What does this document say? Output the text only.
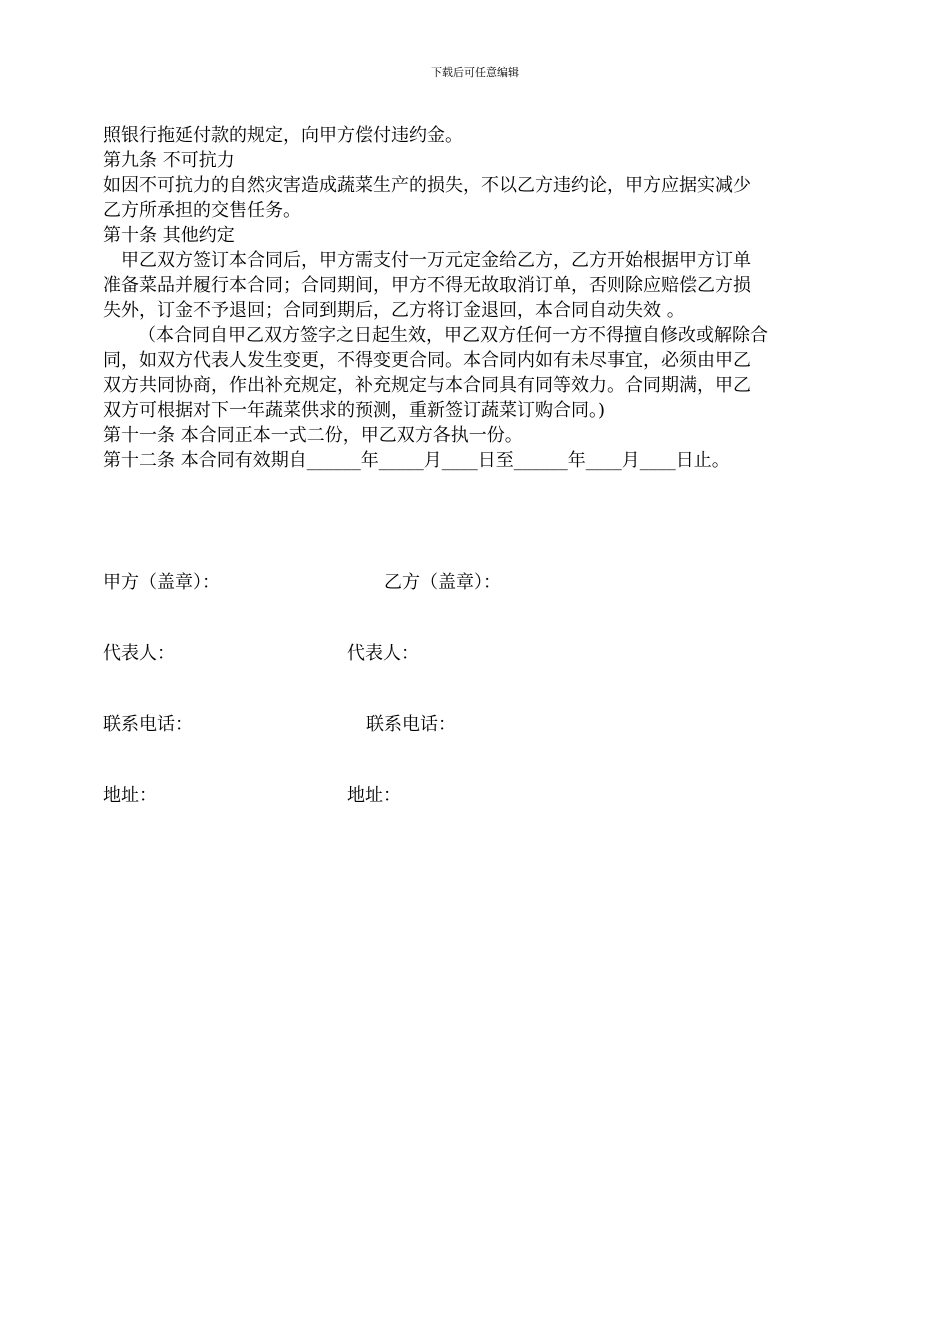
下载后可任意编辑
照银行拖延付款的规定，向甲方偿付违约金。
第九条 不可抗力
如因不可抗力的自然灾害造成蔬菜生产的损失，不以乙方违约论，甲方应据实减少
乙方所承担的交售任务。
第十条 其他约定
甲乙双方签订本合同后，甲方需支付一万元定金给乙方，乙方开始根据甲方订单
准备菜品并履行本合同；合同期间，甲方不得无故取消订单，否则除应赔偿乙方损
失外，订金不予退回；合同到期后，乙方将订金退回，本合同自动失效 。
（本合同自甲乙双方签字之日起生效，甲乙双方任何一方不得擅自修改或解除合
同，如双方代表人发生变更，不得变更合同。本合同内如有未尽事宜，必须由甲乙
双方共同协商，作出补充规定，补充规定与本合同具有同等效力。合同期满，甲乙
双方可根据对下一年蔬菜供求的预测，重新签订蔬菜订购合同。)
第十一条 本合同正本一式二份，甲乙双方各执一份。
第十二条 本合同有效期自______年_____月____日至______年____月____日止。
甲方（盖章）：	乙方（盖章）：
代表人：	代表人：
联系电话：	联系电话：
地址：	地址：
